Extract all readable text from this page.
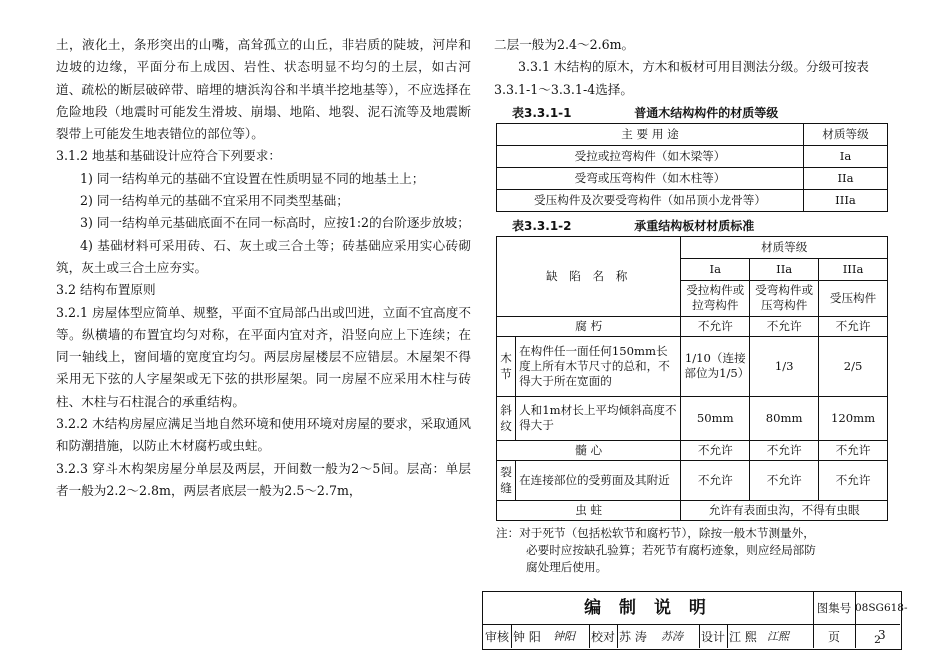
土，液化土，条形突出的山嘴，高耸孤立的山丘，非岩质的陡坡，河岸和边坡的边缘，平面分布上成因、岩性、状态明显不均匀的土层，如古河道、疏松的断层破碎带、暗埋的塘浜沟谷和半填半挖地基等），不应选择在危险地段（地震时可能发生滑坡、崩塌、地陷、地裂、泥石流等及地震断裂带上可能发生地表错位的部位等）。

3.1.2 地基和基础设计应符合下列要求：

1) 同一结构单元的基础不宜设置在性质明显不同的地基土上；

2) 同一结构单元的基础不宜采用不同类型基础；

3) 同一结构单元基础底面不在同一标高时，应按1:2的台阶逐步放坡；

4) 基础材料可采用砖、石、灰土或三合土等；砖基础应采用实心砖砌筑，灰土或三合土应夯实。

3.2 结构布置原则

3.2.1 房屋体型应简单、规整，平面不宜局部凸出或凹进，立面不宜高度不等。纵横墙的布置宜均匀对称，在平面内宜对齐，沿竖向应上下连续；在同一轴线上，窗间墙的宽度宜均匀。两层房屋楼层不应错层。木屋架不得采用无下弦的人字屋架或无下弦的拱形屋架。同一房屋不应采用木柱与砖柱、木柱与石柱混合的承重结构。

3.2.2 木结构房屋应满足当地自然环境和使用环境对房屋的要求，采取通风和防潮措施，以防止木材腐朽或虫蛀。

3.2.3 穿斗木构架房屋分单层及两层，开间数一般为2～5间。层高：单层者一般为2.2～2.8m，两层者底层一般为2.5～2.7m，

二层一般为2.4～2.6m。

3.3.1 木结构的原木，方木和板材可用目测法分级。分级可按表3.3.1-1～3.3.1-4选择。

表3.3.1-1	普通木结构构件的材质等级
主 要 用 途	材质等级
受拉或拉弯构件（如木梁等）	Ia
受弯或压弯构件（如木柱等）	IIa
受压构件及次要受弯构件（如吊顶小龙骨等）	IIIa
表3.3.1-2	承重结构板材材质标准
缺 陷 名 称		材质等级		
		Ia	IIa	IIIa
		受拉构件或拉弯构件	受弯构件或压弯构件	受压构件
腐 朽		不允许	不允许	不允许
木节	在构件任一面任何150mm长度上所有木节尺寸的总和，不得大于所在宽面的	1/10（连接部位为1/5）	1/3	2/5
斜纹	人和1m材长上平均倾斜高度不得大于	50mm	80mm	120mm
髓 心		不允许	不允许	不允许
裂缝	在连接部位的受剪面及其附近	不允许	不允许	不允许
虫 蛀		允许有表面虫沟，不得有虫眼		
注：对于死节（包括松软节和腐朽节），除按一般木节测量外，
必要时应按缺孔验算；若死节有腐朽迹象，则应经局部防
腐处理后使用。
编 制 说 明	图集号 08SG618-2
审核 钟 阳 钟阳 校对 苏 涛 苏涛 设计 江 熙 江熙	页	3
